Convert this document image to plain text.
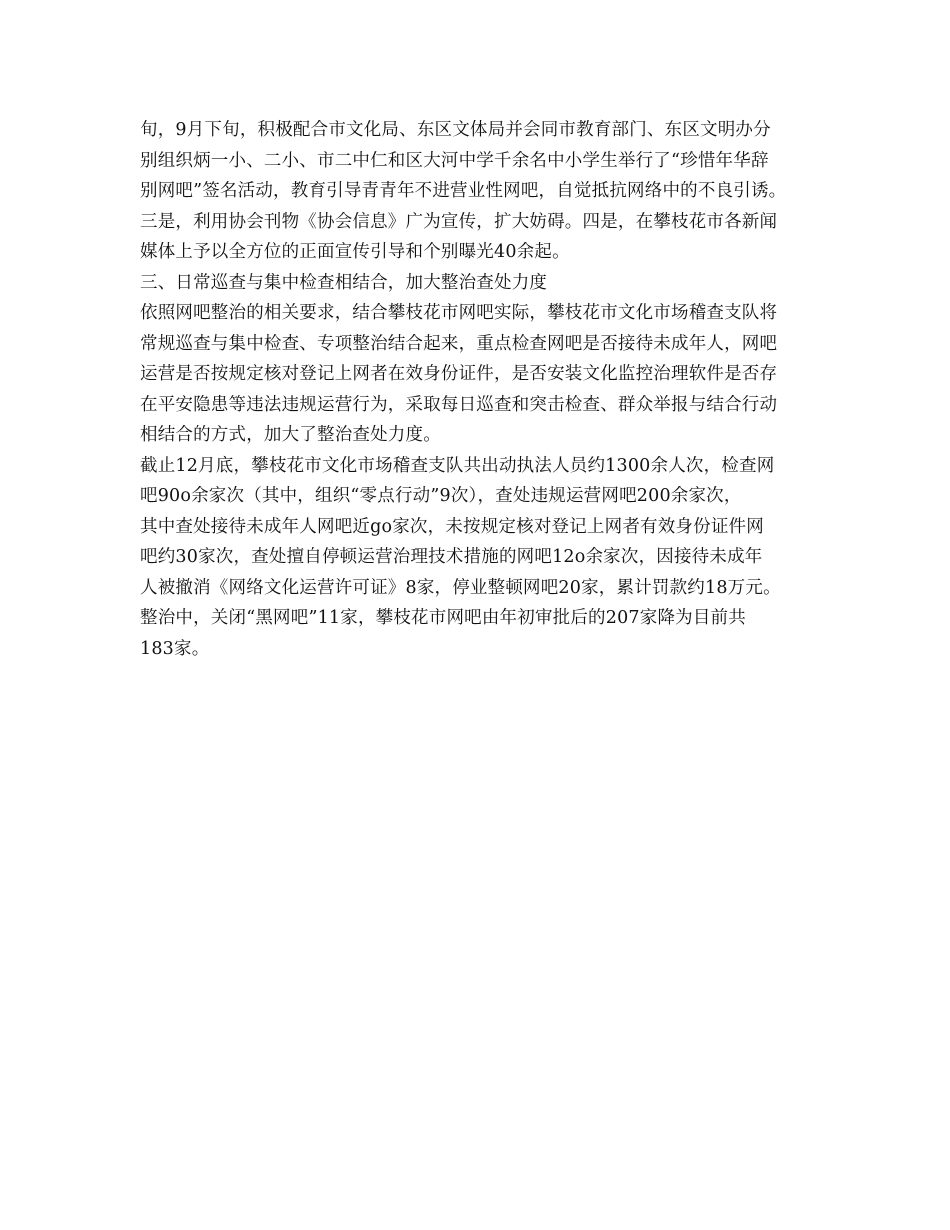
旬，9月下旬，积极配合市文化局、东区文体局并会同市教育部门、东区文明办分
别组织炳一小、二小、市二中仁和区大河中学千余名中小学生举行了“珍惜年华辞
别网吧”签名活动，教育引导青青年不进营业性网吧，自觉抵抗网络中的不良引诱。
三是，利用协会刊物《协会信息》广为宣传，扩大妨碍。四是，在攀枝花市各新闻
媒体上予以全方位的正面宣传引导和个别曝光40余起。
三、日常巡查与集中检查相结合，加大整治查处力度
依照网吧整治的相关要求，结合攀枝花市网吧实际，攀枝花市文化市场稽查支队将
常规巡查与集中检查、专项整治结合起来，重点检查网吧是否接待未成年人，网吧
运营是否按规定核对登记上网者在效身份证件，是否安装文化监控治理软件是否存
在平安隐患等违法违规运营行为，采取每日巡查和突击检查、群众举报与结合行动
相结合的方式，加大了整治查处力度。
截止12月底，攀枝花市文化市场稽查支队共出动执法人员约1300余人次，检查网
吧90o余家次（其中，组织“零点行动”9次），查处违规运营网吧200余家次，
其中查处接待未成年人网吧近go家次，未按规定核对登记上网者有效身份证件网
吧约30家次，查处擅自停顿运营治理技术措施的网吧12o余家次，因接待未成年
人被撤消《网络文化运营许可证》8家，停业整顿网吧20家，累计罚款约18万元。
整治中，关闭“黑网吧”11家，攀枝花市网吧由年初审批后的207家降为目前共
183家。
